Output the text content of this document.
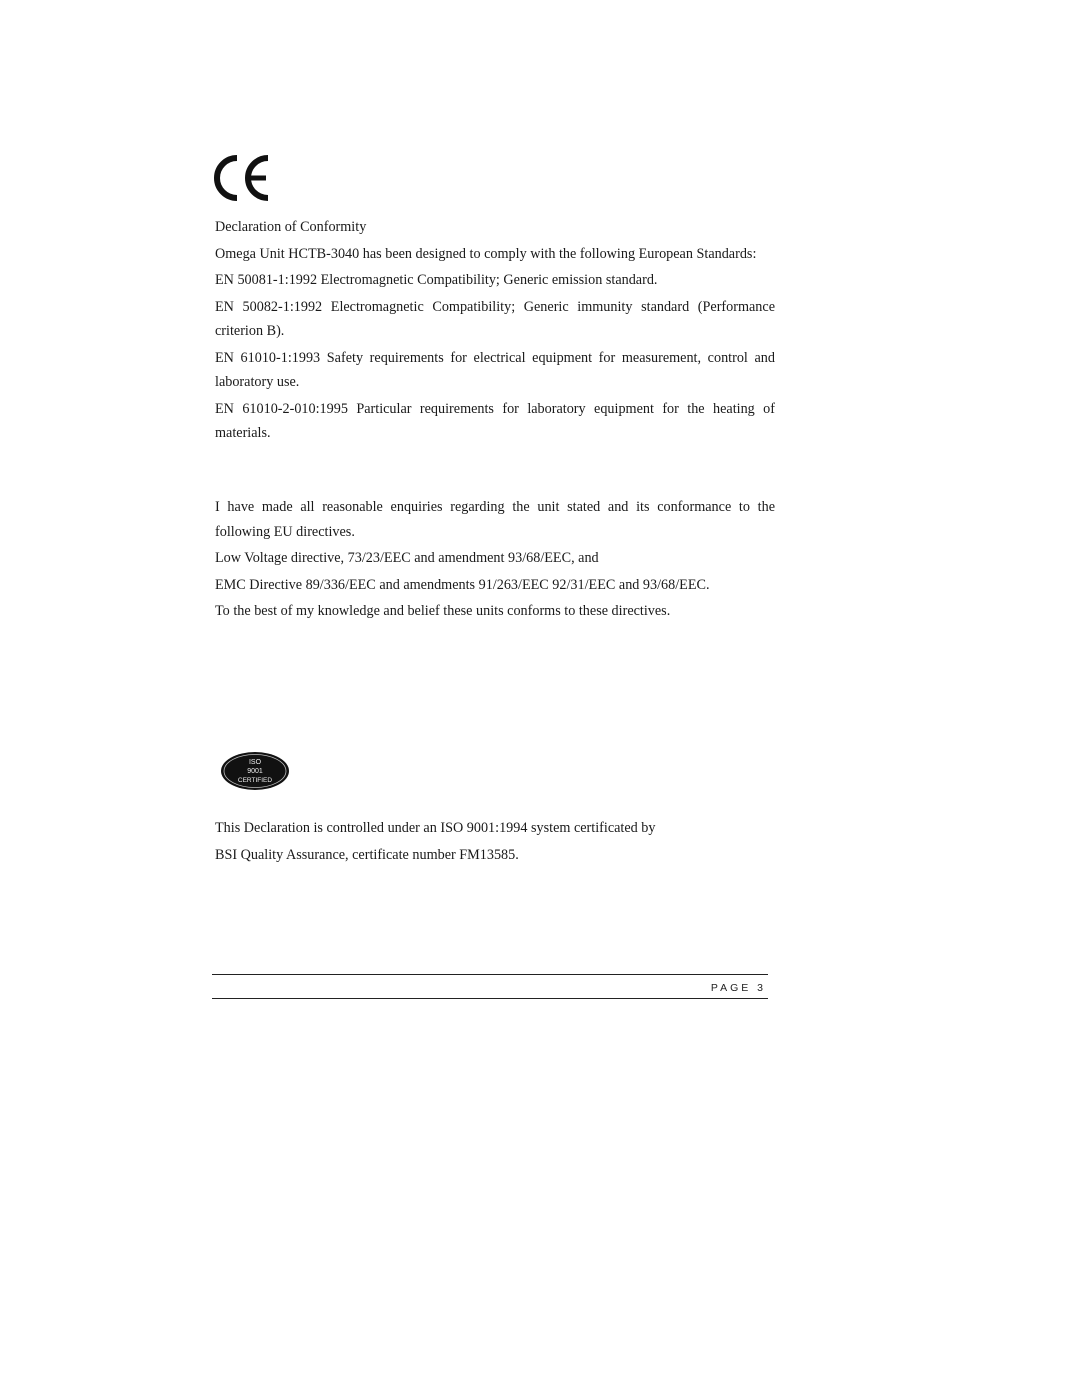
Declaration of Conformity

Omega Unit HCTB-3040 has been designed to comply with the following European Standards:

EN 50081-1:1992 Electromagnetic Compatibility; Generic emission standard.

EN 50082-1:1992 Electromagnetic Compatibility; Generic immunity standard (Performance criterion B).

EN 61010-1:1993 Safety requirements for electrical equipment for measurement, control and laboratory use.

EN 61010-2-010:1995 Particular requirements for laboratory equipment for the heating of materials.

I have made all reasonable enquiries regarding the unit stated and its conformance to the following EU directives.

Low Voltage directive, 73/23/EEC and amendment 93/68/EEC, and

EMC Directive 89/336/EEC and amendments 91/263/EEC 92/31/EEC and 93/68/EEC.

To the best of my knowledge and belief these units conforms to these directives.

ISO
9001
CERTIFIED

This Declaration is controlled under an ISO 9001:1994 system certificated by

BSI Quality Assurance, certificate number FM13585.

PAGE 3
